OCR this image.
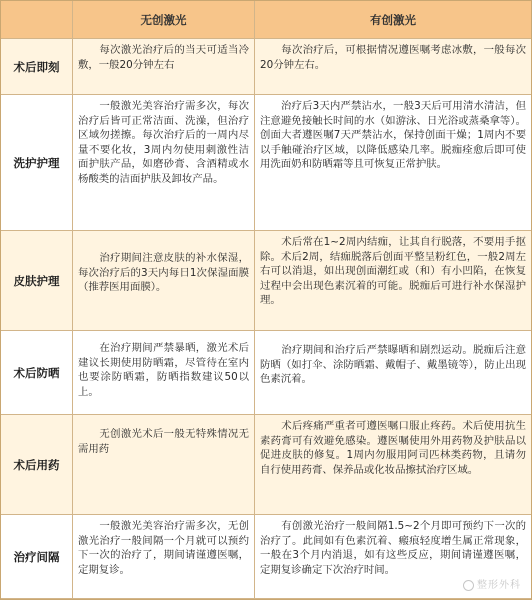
无创激光	有创激光
术后即刻
　　每次激光治疗后的当天可适当冷敷，一般20分钟左右
　　每次治疗后，可根据情况遵医嘱考虑冰敷，一般每次20分钟左右。
洗护护理
　　一般激光美容治疗需多次，每次治疗后皆可正常洁面、洗澡，但治疗区域勿搓擦。每次治疗后的一周内尽量不要化妆，3周内勿使用刺激性洁面护肤产品，如磨砂膏、含酒精或水杨酸类的洁面护肤及卸妆产品。
　　治疗后3天内严禁沾水，一般3天后可用清水清洁，但注意避免接触长时间的水（如游泳、日光浴或蒸桑拿等）。创面大者遵医嘱7天严禁沾水，保持创面干燥；1周内不要以手触碰治疗区域，以降低感染几率。脱痂痊愈后即可使用洗面奶和防晒霜等且可恢复正常护肤。
皮肤护理
　　治疗期间注意皮肤的补水保湿，每次治疗后的3天内每日1次保湿面膜（推荐医用面膜）。
　　术后常在1~2周内结痂，让其自行脱落，不要用手抠除。术后2周，结痂脱落后创面平整呈粉红色，一般2周左右可以消退，如出现创面潮红或（和）有小凹陷，在恢复过程中会出现色素沉着的可能。脱痂后可进行补水保湿护理。
术后防晒
　　在治疗期间严禁暴晒，激光术后建议长期使用防晒霜，尽管待在室内也要涂防晒霜，防晒指数建议50以上。
　　治疗期间和治疗后严禁曝晒和剧烈运动。脱痂后注意防晒（如打伞、涂防晒霜、戴帽子、戴墨镜等），防止出现色素沉着。
术后用药
　　无创激光术后一般无特殊情况无需用药
　　术后疼痛严重者可遵医嘱口服止疼药。术后使用抗生素药膏可有效避免感染。遵医嘱使用外用药物及护肤品以促进皮肤的修复。1周内勿服用阿司匹林类药物，且请勿自行使用药膏、保养品或化妆品擦拭治疗区域。
治疗间隔
　　一般激光美容治疗需多次，无创激光治疗一般间隔一个月就可以预约下一次的治疗了，期间请谨遵医嘱，定期复诊。
　　有创激光治疗一般间隔1.5~2个月即可预约下一次的治疗了。此间如有色素沉着、瘢痕轻度增生属正常现象，一般在3个月内消退，如有这些反应，期间请谨遵医嘱，定期复诊确定下次治疗时间。
整形外科
